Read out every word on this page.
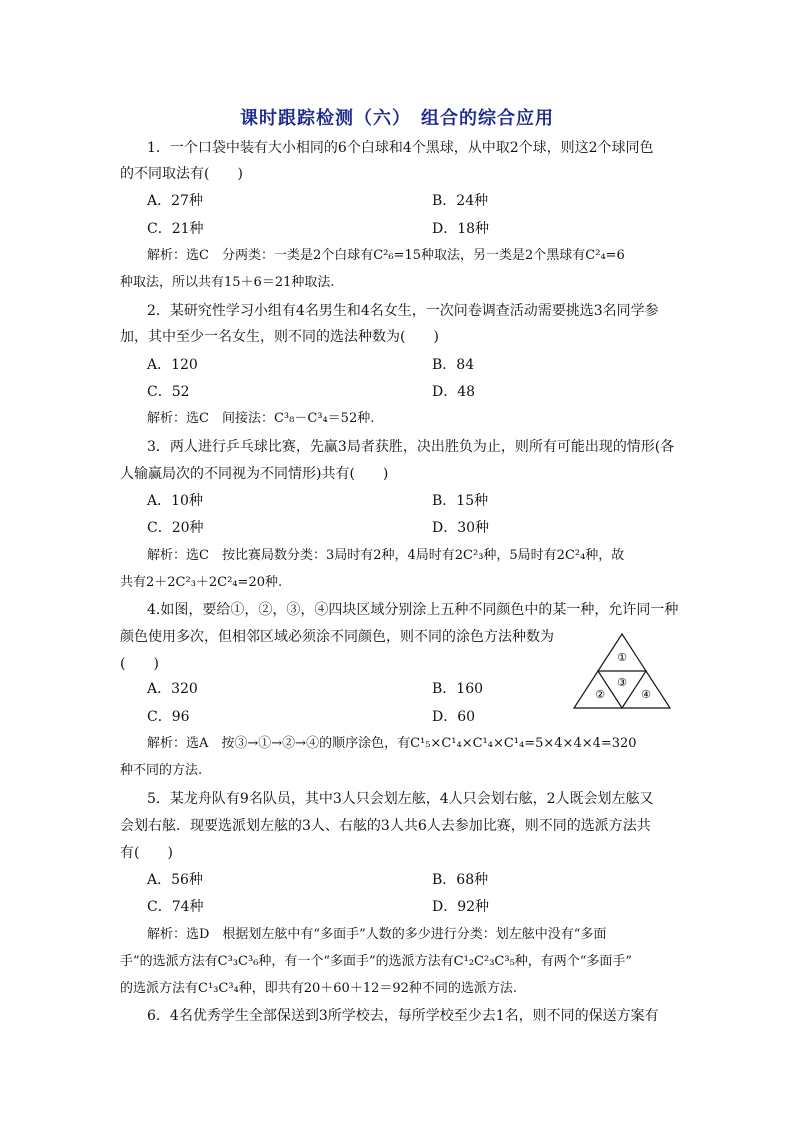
课时跟踪检测（六）　组合的综合应用
1．一个口袋中装有大小相同的6个白球和4个黑球，从中取2个球，则这2个球同色
的不同取法有(　　)
A．27种	B．24种
C．21种	D．18种
解析：选C　分两类：一类是2个白球有C²₆=15种取法，另一类是2个黑球有C²₄=6
种取法，所以共有15＋6＝21种取法.
2．某研究性学习小组有4名男生和4名女生，一次问卷调查活动需要挑选3名同学参
加，其中至少一名女生，则不同的选法种数为(　　)
A．120	B．84
C．52	D．48
解析：选C　间接法：C³₈－C³₄＝52种.
3．两人进行乒乓球比赛，先赢3局者获胜，决出胜负为止，则所有可能出现的情形(各
人输赢局次的不同视为不同情形)共有(　　)
A．10种	B．15种
C．20种	D．30种
解析：选C　按比赛局数分类：3局时有2种，4局时有2C²₃种，5局时有2C²₄种，故
共有2＋2C²₃＋2C²₄=20种.
4.如图，要给①，②，③，④四块区域分别涂上五种不同颜色中的某一种，允许同一种
颜色使用多次，但相邻区域必须涂不同颜色，则不同的涂色方法种数为
(　　)
A．320	B．160
C．96	D．60
①
②
③
④
解析：选A　按③→①→②→④的顺序涂色，有C¹₅×C¹₄×C¹₄×C¹₄=5×4×4×4=320
种不同的方法.
5．某龙舟队有9名队员，其中3人只会划左舷，4人只会划右舷，2人既会划左舷又
会划右舷．现要选派划左舷的3人、右舷的3人共6人去参加比赛，则不同的选派方法共
有(　　)
A．56种	B．68种
C．74种	D．92种
解析：选D　根据划左舷中有“多面手”人数的多少进行分类：划左舷中没有“多面
手”的选派方法有C³₃C³₆种，有一个“多面手”的选派方法有C¹₂C²₃C³₅种，有两个“多面手”
的选派方法有C¹₃C³₄种，即共有20＋60＋12＝92种不同的选派方法.
6．4名优秀学生全部保送到3所学校去，每所学校至少去1名，则不同的保送方案有
